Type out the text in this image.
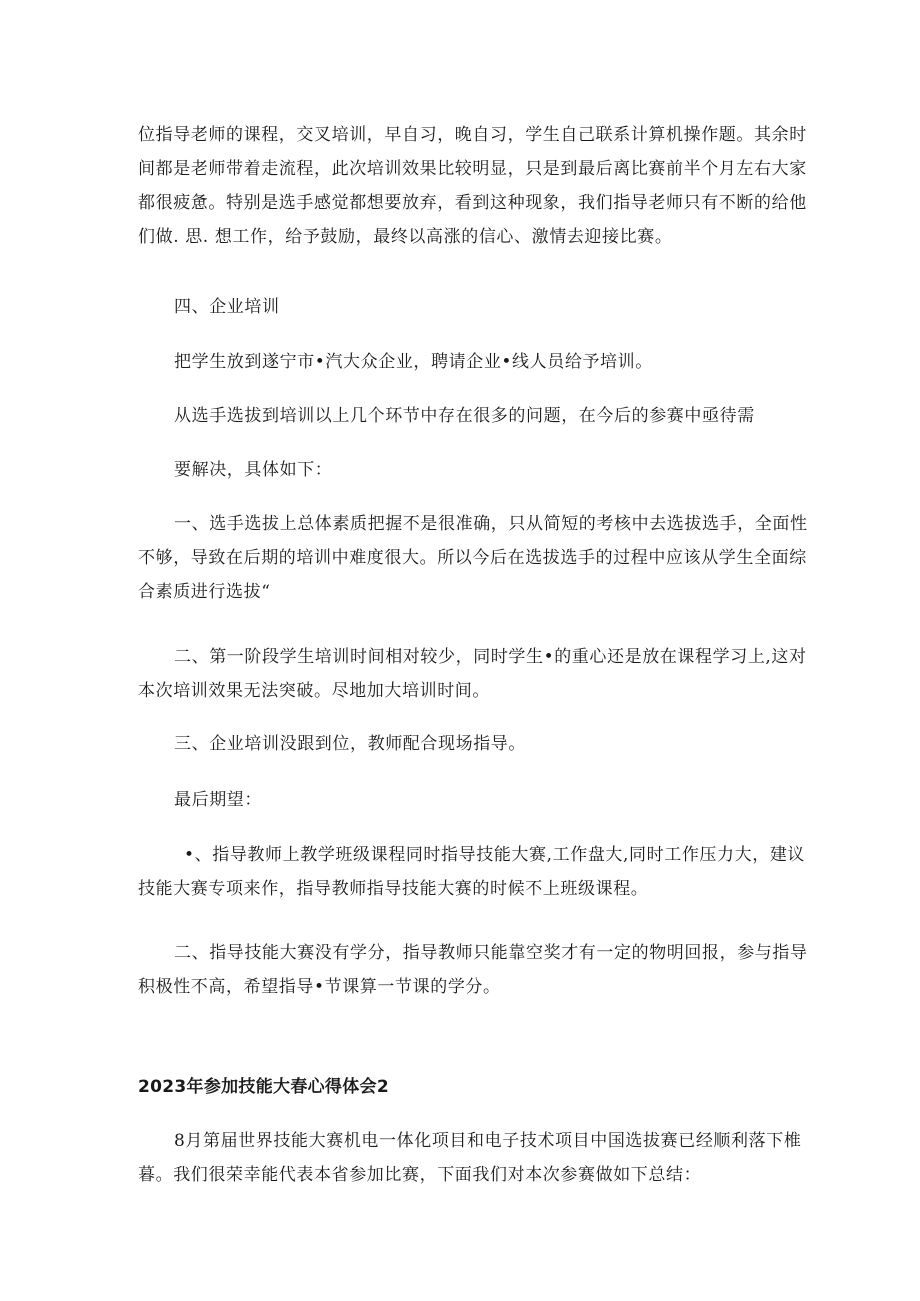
位指导老师的课程，交叉培训，早自习，晚自习，学生自己联系计算机操作题。其余时
间都是老师带着走流程，此次培训效果比较明显，只是到最后离比赛前半个月左右大家
都很疲惫。特别是选手感觉都想要放弃，看到这种现象，我们指导老师只有不断的给他
们做. 思. 想工作，给予鼓励，最终以高涨的信心、激情去迎接比赛。
四、企业培训
把学生放到遂宁市•汽大众企业，聘请企业•线人员给予培训。
从选手选拔到培训以上几个环节中存在很多的问题，在今后的参赛中亟待需
要解决，具体如下：
一、选手选拔上总体素质把握不是很准确，只从简短的考核中去选拔选手，全面性
不够，导致在后期的培训中难度很大。所以今后在选拔选手的过程中应该从学生全面综
合素质进行选拔“
二、第一阶段学生培训时间相对较少，同时学生•的重心还是放在课程学习上,这对
本次培训效果无法突破。尽地加大培训时间。
三、企业培训没跟到位，教师配合现场指导。
最后期望：
•、指导教师上教学班级课程同时指导技能大赛,工作盘大,同时工作压力大，建议
技能大赛专项来作，指导教师指导技能大赛的时候不上班级课程。
二、指导技能大赛没有学分，指导教师只能靠空奖才有一定的物明回报，参与指导
积极性不高，希望指导•节课算一节课的学分。
2023年参加技能大春心得体会2
8月第届世界技能大赛机电一体化项目和电子技术项目中国选拔赛已经顺利落下椎
暮。我们很荣幸能代表本省参加比赛，下面我们对本次参赛做如下总结：
